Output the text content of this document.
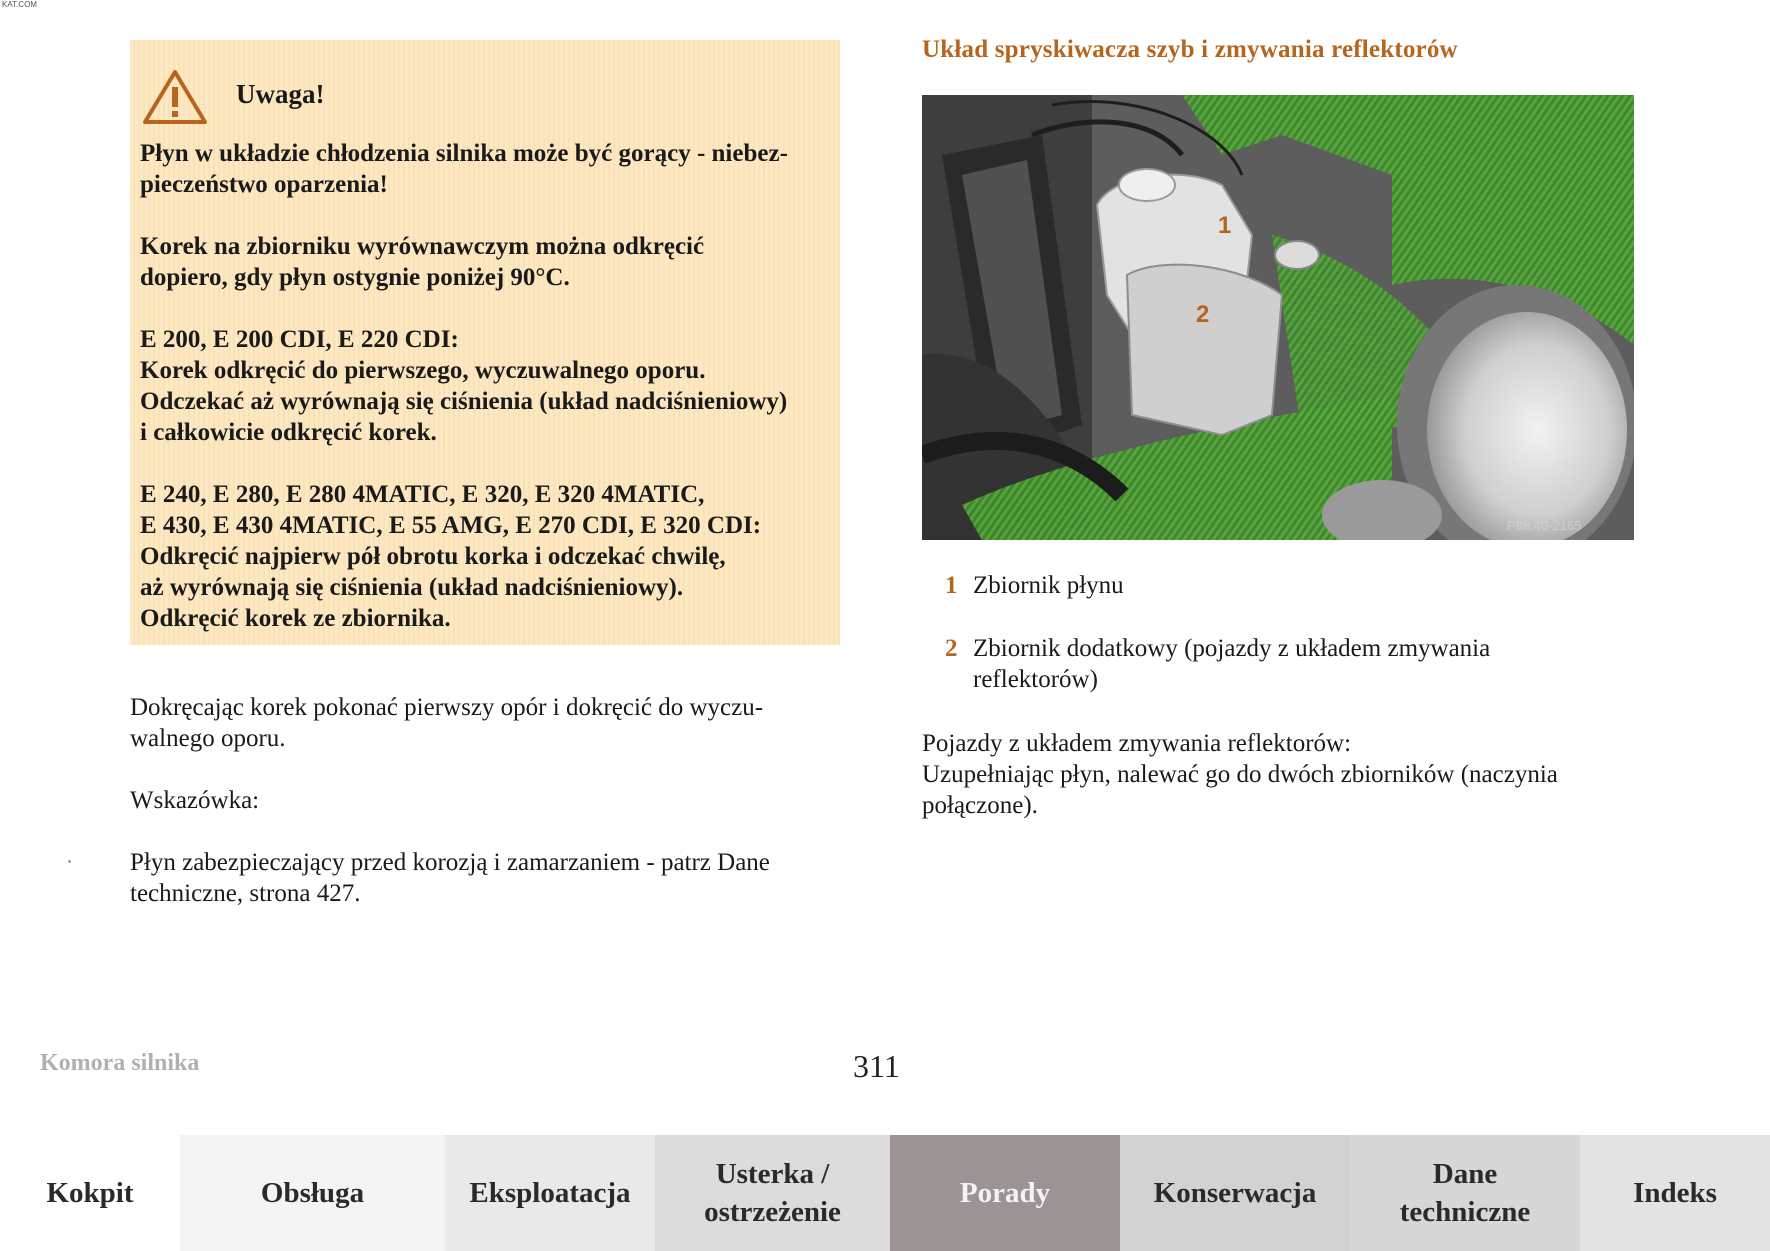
KAT.COM
Uwaga!

Płyn w układzie chłodzenia silnika może być gorący - niebez-
pieczeństwo oparzenia!

Korek na zbiorniku wyrównawczym można odkręcić
dopiero, gdy płyn ostygnie poniżej 90°C.

E 200, E 200 CDI, E 220 CDI:
Korek odkręcić do pierwszego, wyczuwalnego oporu.
Odczekać aż wyrównają się ciśnienia (układ nadciśnieniowy)
i całkowicie odkręcić korek.

E 240, E 280, E 280 4MATIC, E 320, E 320 4MATIC,
E 430, E 430 4MATIC, E 55 AMG, E 270 CDI, E 320 CDI:
Odkręcić najpierw pół obrotu korka i odczekać chwilę,
aż wyrównają się ciśnienia (układ nadciśnieniowy).
Odkręcić korek ze zbiornika.

Dokręcając korek pokonać pierwszy opór i dokręcić do wyczu-
walnego oporu.

Wskazówka:

Płyn zabezpieczający przed korozją i zamarzaniem - patrz Dane
techniczne, strona 427.

Układ spryskiwacza szyb i zmywania reflektorów
1
2
P88.40-2165
1 Zbiornik płynu
2 Zbiornik dodatkowy (pojazdy z układem zmywania
reflektorów)

Pojazdy z układem zmywania reflektorów:
Uzupełniając płyn, nalewać go do dwóch zbiorników (naczynia
połączone).

Komora silnika	311
Kokpit	Obsługa	Eksploatacja
Usterka /
ostrzeżenie
Porady	Konserwacja
Dane
techniczne
Indeks
